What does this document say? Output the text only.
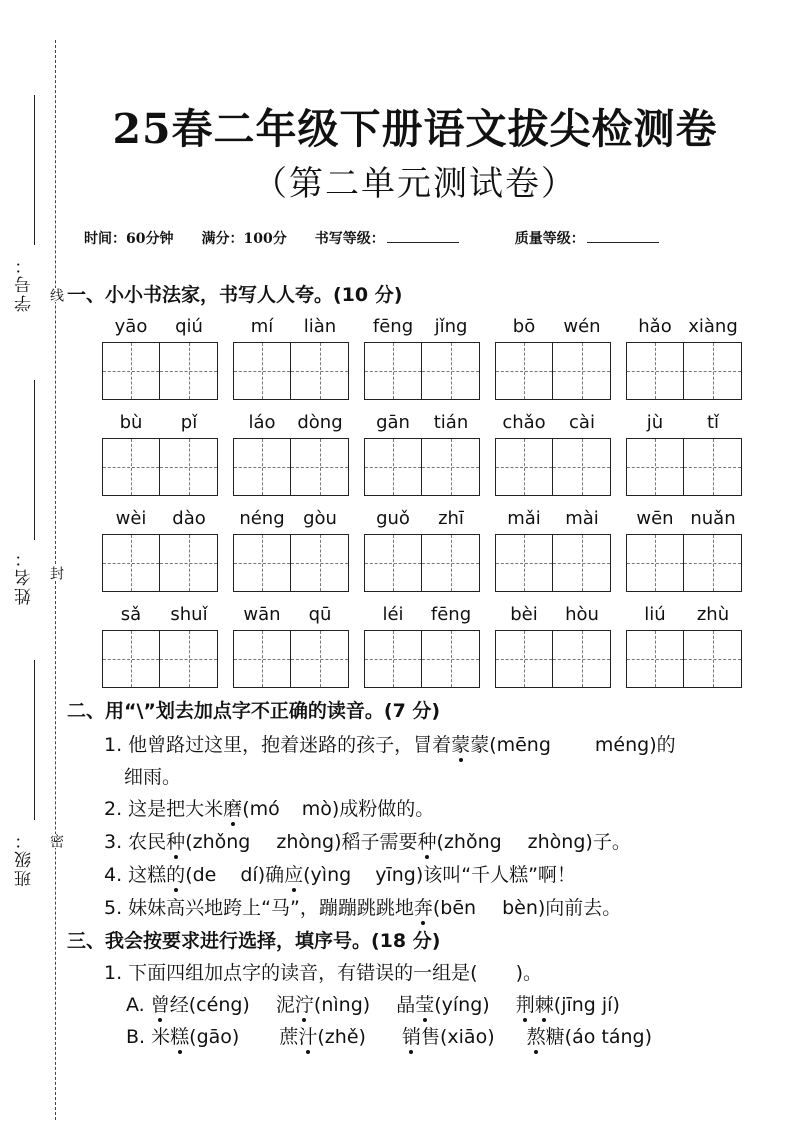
学号：
姓名：
班级：
线
封
密
25春二年级下册语文拔尖检测卷
（第二单元测试卷）
时间：60分钟 满分：100分 书写等级：	质量等级：
一、小小书法家，书写人人夸。(10 分)
yāo	qiú	mí	liàn	fēng	jǐng	bō	wén	hǎo xiàng
bù	pǐ	láo	dòng	gān	tián	chǎo	cài	jù	tǐ
wèi	dào	néng	gòu	guǒ	zhī	mǎi	mài	wēn nuǎn
sǎ	shuǐ	wān	qū	léi	fēng	bèi	hòu	liú	zhù
二、用“\”划去加点字不正确的读音。(7 分)
1. 他曾路过这里，抱着迷路的孩子，冒着蒙蒙(mēng méng)的
细雨。
2. 这是把大米磨(mó mò)成粉做的。
3. 农民种(zhǒng zhòng)稻子需要种(zhǒng zhòng)子。
4. 这糕的(de dí)确应(yìng yīng)该叫“千人糕”啊！
5. 妹妹高兴地跨上“马”，蹦蹦跳跳地奔(bēn bèn)向前去。
三、我会按要求进行选择，填序号。(18 分)
1. 下面四组加点字的读音，有错误的一组是(　　)。
A. 曾经(céng) 泥泞(nìng) 晶莹(yíng) 荆棘(jīng jí)
B. 米糕(gāo) 蔗汁(zhě) 销售(xiāo) 熬糖(áo táng)
